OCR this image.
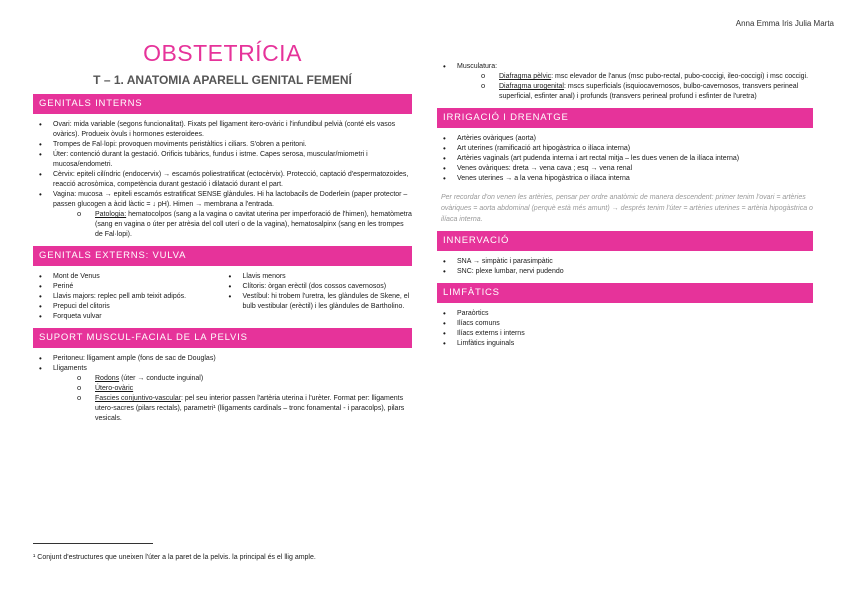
Anna Emma Iris Julia Marta
OBSTETRÍCIA
T – 1. ANATOMIA APARELL GENITAL FEMENÍ
GENITALS INTERNS
• Ovari: mida variable (segons funcionalitat). Fixats pel lligament itero-ovàric i l'infundibul pelvià (conté els vasos ovàrics). Produeix òvuls i hormones esteroidees.
• Trompes de Fal·lopi: provoquen moviments peristàltics i ciliars. S'obren a peritoni.
• Úter: contenció durant la gestació. Orificis tubàrics, fundus i istme. Capes serosa, muscular/miometri i mucosa/endometri.
• Cèrvix: epiteli cilíndric (endocervix) → escamós poliestratificat (ectocèrvix). Protecció, captació d'espermatozoides, reacció acrosòmica, competència durant gestació i dilatació durant el part.
• Vagina: mucosa → epiteli escamós estratificat SENSE glàndules. Hi ha lactobacils de Doderlein (paper protector – passen glucogen a àcid làctic = ↓ pH). Himen → membrana a l'entrada.
o Patologia: hematocolpos (sang a la vagina o cavitat uterina per imperforació de l'himen), hematòmetra (sang en vagina o úter per atrèsia del coll uterí o de la vagina), hematosalpinx (sang en les trompes de Fal·lopi).
GENITALS EXTERNS: VULVA
• Mont de Venus
• Periné
• Llavis majors: replec pell amb teixit adipós.
• Prepuci del clitoris
• Forqueta vulvar
• Llavis menors
• Clítoris: òrgan erèctil (dos cossos cavernosos)
• Vestíbul: hi trobem l'uretra, les glàndules de Skene, el bulb vestibular (erèctil) i les glàndules de Bartholino.
SUPORT MUSCUL-FACIAL DE LA PELVIS
• Peritoneu: lligament ample (fons de sac de Douglas)
• Lligaments
o Rodons (úter → conducte inguinal)
o Útero-ovàric
o Fascies conjuntivo-vascular: pel seu interior passen l'artèria uterina i l'urèter. Format per: lligaments utero-sacres (pilars rectals), parametri¹ (lligaments cardinals – tronc fonamental - i paracolps), pilars vesicals.
• Musculatura:
o Diafragma pèlvic: msc elevador de l'anus (msc pubo-rectal, pubo-coccigi, ileo-coccigi) i msc coccigi.
o Diafragma urogenital: mscs superficials (isquiocavernosos, bulbo-cavernosos, transvers perineal superficial, esfinter anal) i profunds (transvers perineal profund i esfinter de l'uretra)
IRRIGACIÓ I DRENATGE
• Artèries ovàriques (aorta)
• Art uterines (ramificació art hipogàstrica o ilíaca interna)
• Artèries vaginals (art pudenda interna i art rectal mitja – les dues venen de la ilíaca interna)
• Venes ovàriques: dreta → vena cava ; esq → vena renal
• Venes uterines → a la vena hipogàstrica o ilíaca interna
Per recordar d'on venen les artèries, pensar per ordre anatòmic de manera descendent: primer tenim l'ovari = artèries ovàriques = aorta abdominal (perquè està més amunt) → després tenim l'úter = artèries uterines = artèria hipogàstrica o ilíaca interna.
INNERVACIÓ
• SNA → simpàtic i parasimpàtic
• SNC: plexe lumbar, nervi pudendo
LIMFÀTICS
• Paraòrtics
• Ilíacs comuns
• Ilíacs externs i interns
• Limfàtics inguinals
¹ Conjunt d'estructures que uneixen l'úter a la paret de la pelvis. la principal és el llig ample.
